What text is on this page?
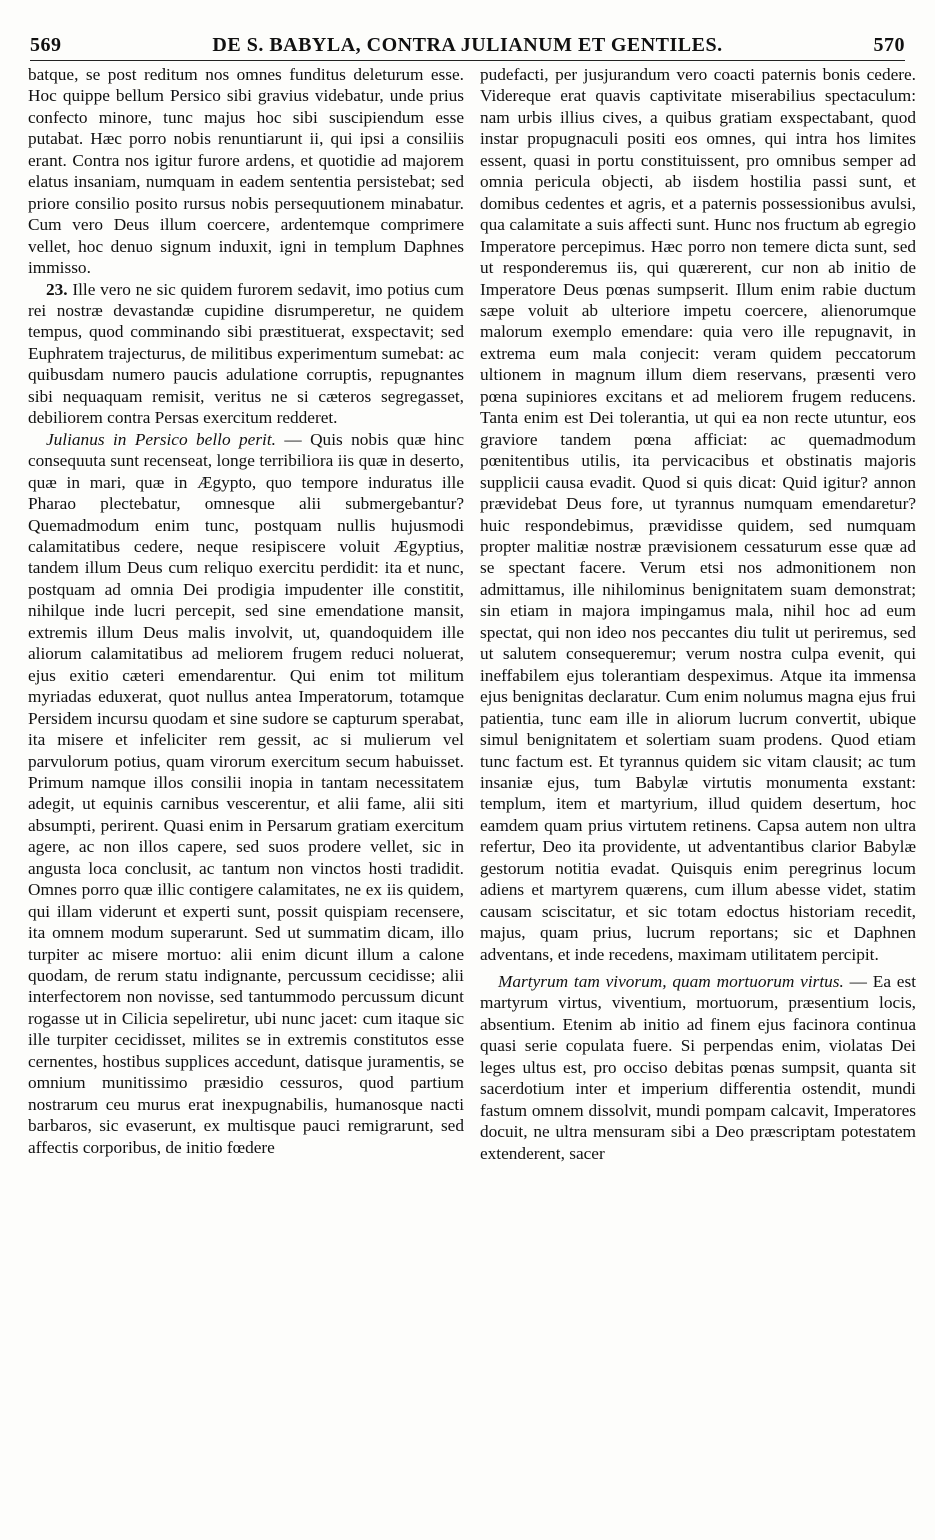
569	DE S. BABYLA, CONTRA JULIANUM ET GENTILES.	570

batque, se post reditum nos omnes funditus deleturum esse. Hoc quippe bellum Persico sibi gravius videbatur, unde prius confecto minore, tunc majus hoc sibi suscipiendum esse putabat. Hæc porro nobis renuntiarunt ii, qui ipsi a consiliis erant. Contra nos igitur furore ardens, et quotidie ad majorem elatus insaniam, numquam in eadem sententia persistebat; sed priore consilio posito rursus nobis persequutionem minabatur. Cum vero Deus illum coercere, ardentemque comprimere vellet, hoc denuo signum induxit, igni in templum Daphnes immisso.

23. Ille vero ne sic quidem furorem sedavit, imo potius cum rei nostræ devastandæ cupidine disrumperetur, ne quidem tempus, quod comminando sibi præstituerat, exspectavit; sed Euphratem trajecturus, de militibus experimentum sumebat: ac quibusdam numero paucis adulatione corruptis, repugnantes sibi nequaquam remisit, veritus ne si cæteros segregasset, debiliorem contra Persas exercitum redderet.

Julianus in Persico bello perit. — Quis nobis quæ hinc consequuta sunt recenseat, longe terribiliora iis quæ in deserto, quæ in mari, quæ in Ægypto, quo tempore induratus ille Pharao plectebatur, omnesque alii submergebantur? Quemadmodum enim tunc, postquam nullis hujusmodi calamitatibus cedere, neque resipiscere voluit Ægyptius, tandem illum Deus cum reliquo exercitu perdidit: ita et nunc, postquam ad omnia Dei prodigia impudenter ille constitit, nihilque inde lucri percepit, sed sine emendatione mansit, extremis illum Deus malis involvit, ut, quandoquidem ille aliorum calamitatibus ad meliorem frugem reduci noluerat, ejus exitio cæteri emendarentur. Qui enim tot militum myriadas eduxerat, quot nullus antea Imperatorum, totamque Persidem incursu quodam et sine sudore se capturum sperabat, ita misere et infeliciter rem gessit, ac si mulierum vel parvulorum potius, quam virorum exercitum secum habuisset. Primum namque illos consilii inopia in tantam necessitatem adegit, ut equinis carnibus vescerentur, et alii fame, alii siti absumpti, perirent. Quasi enim in Persarum gratiam exercitum agere, ac non illos capere, sed suos prodere vellet, sic in angusta loca conclusit, ac tantum non vinctos hosti tradidit. Omnes porro quæ illic contigere calamitates, ne ex iis quidem, qui illam viderunt et experti sunt, possit quispiam recensere, ita omnem modum superarunt. Sed ut summatim dicam, illo turpiter ac misere mortuo: alii enim dicunt illum a calone quodam, de rerum statu indignante, percussum cecidisse; alii interfectorem non novisse, sed tantummodo percussum dicunt rogasse ut in Cilicia sepeliretur, ubi nunc jacet: cum itaque sic ille turpiter cecidisset, milites se in extremis constitutos esse cernentes, hostibus supplices accedunt, datisque juramentis, se omnium munitissimo præsidio cessuros, quod partium nostrarum ceu murus erat inexpugnabilis, humanosque nacti barbaros, sic evaserunt, ex multisque pauci remigrarunt, sed affectis corporibus, de initio fœdere

pudefacti, per jusjurandum vero coacti paternis bonis cedere. Videreque erat quavis captivitate miserabilius spectaculum: nam urbis illius cives, a quibus gratiam exspectabant, quod instar propugnaculi positi eos omnes, qui intra hos limites essent, quasi in portu constituissent, pro omnibus semper ad omnia pericula objecti, ab iisdem hostilia passi sunt, et domibus cedentes et agris, et a paternis possessionibus avulsi, qua calamitate a suis affecti sunt. Hunc nos fructum ab egregio Imperatore percepimus. Hæc porro non temere dicta sunt, sed ut responderemus iis, qui quærerent, cur non ab initio de Imperatore Deus pœnas sumpserit. Illum enim rabie ductum sæpe voluit ab ulteriore impetu coercere, alienorumque malorum exemplo emendare: quia vero ille repugnavit, in extrema eum mala conjecit: veram quidem peccatorum ultionem in magnum illum diem reservans, præsenti vero pœna supiniores excitans et ad meliorem frugem reducens. Tanta enim est Dei tolerantia, ut qui ea non recte utuntur, eos graviore tandem pœna afficiat: ac quemadmodum pœnitentibus utilis, ita pervicacibus et obstinatis majoris supplicii causa evadit. Quod si quis dicat: Quid igitur? annon prævidebat Deus fore, ut tyrannus numquam emendaretur? huic respondebimus, prævidisse quidem, sed numquam propter malitiæ nostræ prævisionem cessaturum esse quæ ad se spectant facere. Verum etsi nos admonitionem non admittamus, ille nihilominus benignitatem suam demonstrat; sin etiam in majora impingamus mala, nihil hoc ad eum spectat, qui non ideo nos peccantes diu tulit ut periremus, sed ut salutem consequeremur; verum nostra culpa evenit, qui ineffabilem ejus tolerantiam despeximus. Atque ita immensa ejus benignitas declaratur. Cum enim nolumus magna ejus frui patientia, tunc eam ille in aliorum lucrum convertit, ubique simul benignitatem et solertiam suam prodens. Quod etiam tunc factum est. Et tyrannus quidem sic vitam clausit; ac tum insaniæ ejus, tum Babylæ virtutis monumenta exstant: templum, item et martyrium, illud quidem desertum, hoc eamdem quam prius virtutem retinens. Capsa autem non ultra refertur, Deo ita providente, ut adventantibus clarior Babylæ gestorum notitia evadat. Quisquis enim peregrinus locum adiens et martyrem quærens, cum illum abesse videt, statim causam sciscitatur, et sic totam edoctus historiam recedit, majus, quam prius, lucrum reportans; sic et Daphnen adventans, et inde recedens, maximam utilitatem percipit.

Martyrum tam vivorum, quam mortuorum virtus. — Ea est martyrum virtus, viventium, mortuorum, præsentium locis, absentium. Etenim ab initio ad finem ejus facinora continua quasi serie copulata fuere. Si perpendas enim, violatas Dei leges ultus est, pro occiso debitas pœnas sumpsit, quanta sit sacerdotium inter et imperium differentia ostendit, mundi fastum omnem dissolvit, mundi pompam calcavit, Imperatores docuit, ne ultra mensuram sibi a Deo præscriptam potestatem extenderent, sacer
